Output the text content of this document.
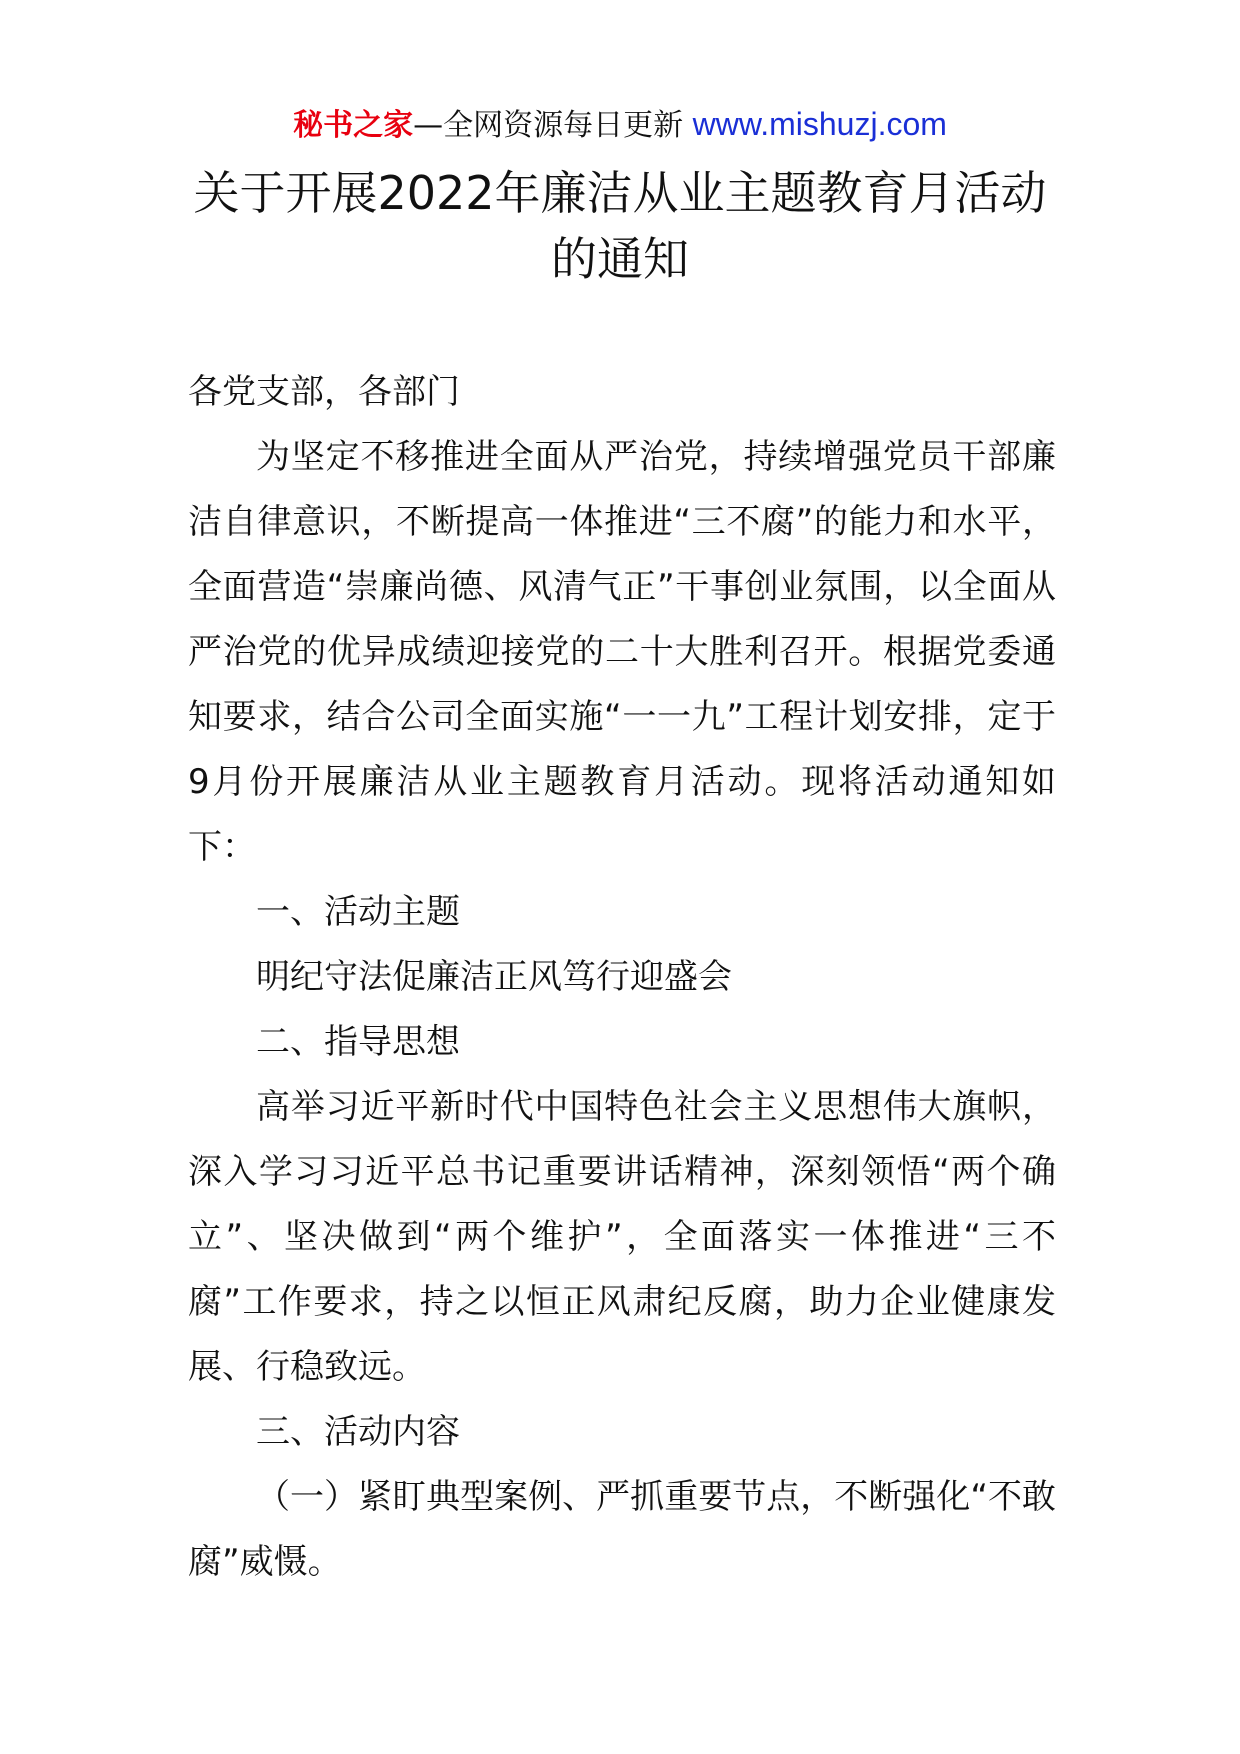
秘书之家—全网资源每日更新 www.mishuzj.com
关于开展2022年廉洁从业主题教育月活动
的通知

各党支部，各部门

为坚定不移推进全面从严治党，持续增强党员干部廉洁自律意识，不断提高一体推进“三不腐”的能力和水平，全面营造“崇廉尚德、风清气正”干事创业氛围，以全面从严治党的优异成绩迎接党的二十大胜利召开。根据党委通知要求，结合公司全面实施“一一九”工程计划安排，定于9月份开展廉洁从业主题教育月活动。现将活动通知如下：

一、活动主题

明纪守法促廉洁正风笃行迎盛会

二、指导思想

高举习近平新时代中国特色社会主义思想伟大旗帜，深入学习习近平总书记重要讲话精神，深刻领悟“两个确立”、坚决做到“两个维护”，全面落实一体推进“三不腐”工作要求，持之以恒正风肃纪反腐，助力企业健康发展、行稳致远。

三、活动内容

（一）紧盯典型案例、严抓重要节点，不断强化“不敢腐”威慑。
